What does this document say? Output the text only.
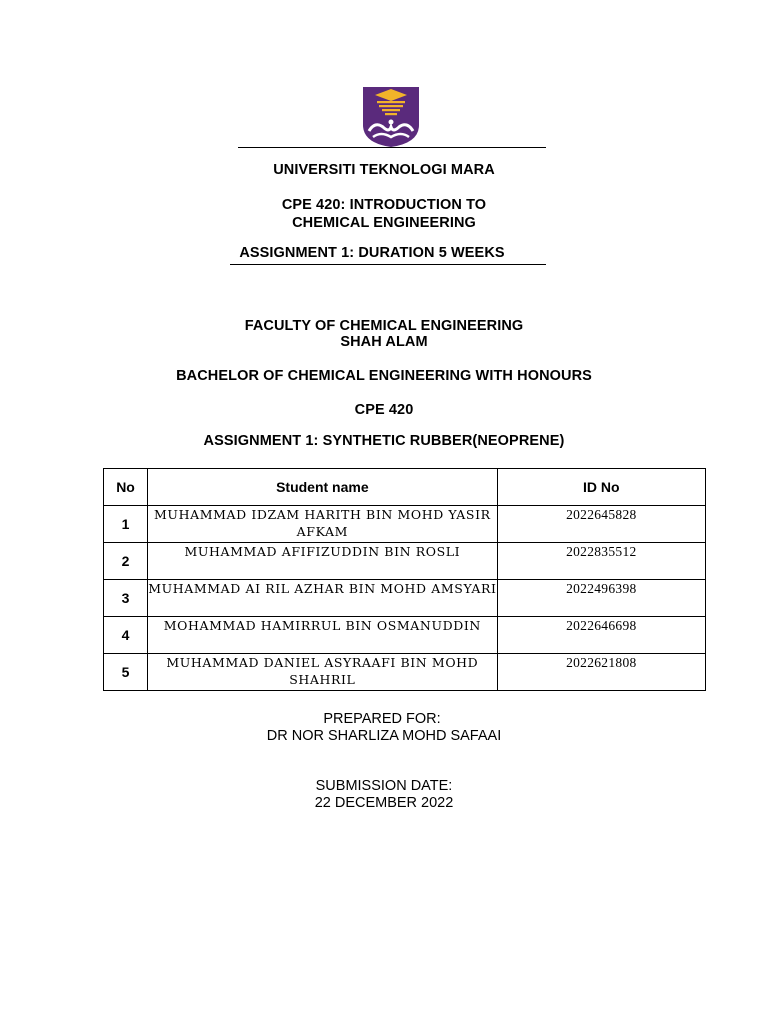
UNIVERSITI TEKNOLOGI MARA
CPE 420: INTRODUCTION TO
CHEMICAL ENGINEERING
ASSIGNMENT 1: DURATION 5 WEEKS
FACULTY OF CHEMICAL ENGINEERING
SHAH ALAM
BACHELOR OF CHEMICAL ENGINEERING WITH HONOURS
CPE 420
ASSIGNMENT 1: SYNTHETIC RUBBER(NEOPRENE)
No	Student name	ID No
1	MUHAMMAD IDZAM HARITH BIN MOHD YASIR AFKAM	2022645828
2	MUHAMMAD AFIFIZUDDIN BIN ROSLI	2022835512
3	MUHAMMAD AI RIL AZHAR BIN MOHD AMSYARI	2022496398
4	MOHAMMAD HAMIRRUL BIN OSMANUDDIN	2022646698
5	MUHAMMAD DANIEL ASYRAAFI BIN MOHD SHAHRIL	2022621808
PREPARED FOR:
DR NOR SHARLIZA MOHD SAFAAI
SUBMISSION DATE:
22 DECEMBER 2022
